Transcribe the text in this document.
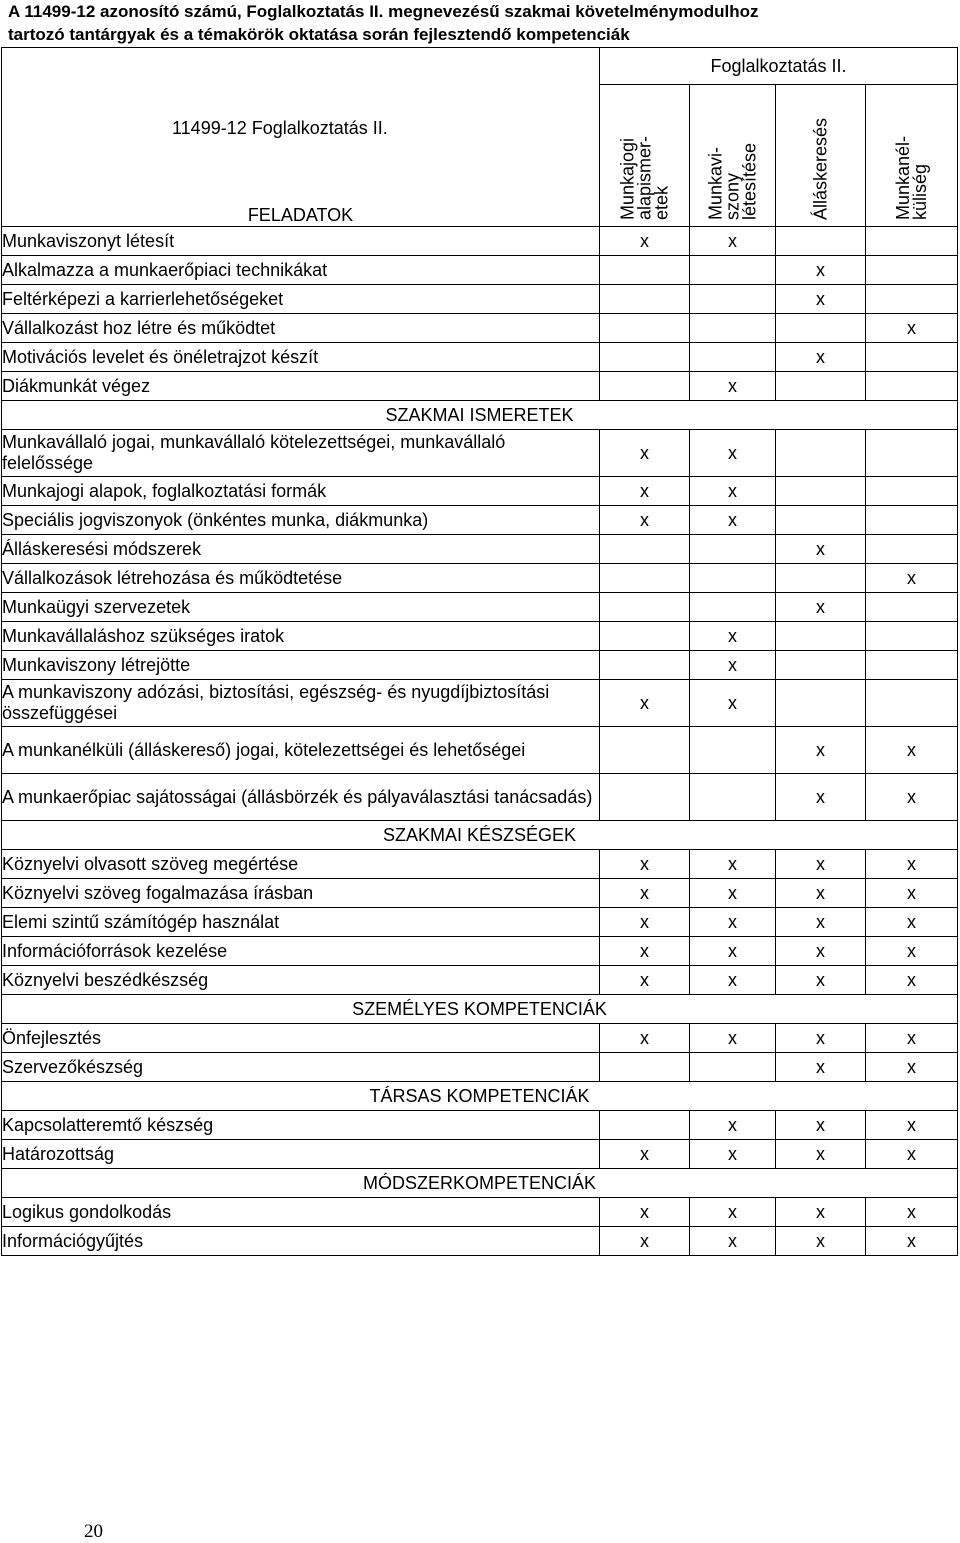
A 11499-12 azonosító számú, Foglalkoztatás II. megnevezésű szakmai követelménymodulhoz
tartozó tantárgyak és a témakörök oktatása során fejlesztendő kompetenciák
11499-12 Foglalkoztatás II.
FELADATOK	Foglalkoztatás II.			

	Munkajogi
alapismer-
etek	Munkavi-
szony
létesítése	Álláskeresés	Munkanél-
küliség

Munkaviszonyt létesít	x	x		
Alkalmazza a munkaerőpiaci technikákat			x	
Feltérképezi a karrierlehetőségeket			x	
Vállalkozást hoz létre és működtet				x
Motivációs levelet és önéletrajzot készít			x	
Diákmunkát végez		x		
SZAKMAI ISMERETEK				
Munkavállaló jogai, munkavállaló kötelezettségei, munkavállaló felelőssége	x	x		
Munkajogi alapok, foglalkoztatási formák	x	x		
Speciális jogviszonyok (önkéntes munka, diákmunka)	x	x		
Álláskeresési módszerek			x	
Vállalkozások létrehozása és működtetése				x
Munkaügyi szervezetek			x	
Munkavállaláshoz szükséges iratok		x		
Munkaviszony létrejötte		x		
A munkaviszony adózási, biztosítási, egészség- és nyugdíjbiztosítási összefüggései	x	x		
A munkanélküli (álláskereső) jogai, kötelezettségei és lehetőségei			x	x
A munkaerőpiac sajátosságai (állásbörzék és pályaválasztási tanácsadás)			x	x
SZAKMAI KÉSZSÉGEK				
Köznyelvi olvasott szöveg megértése	x	x	x	x
Köznyelvi szöveg fogalmazása írásban	x	x	x	x
Elemi szintű számítógép használat	x	x	x	x
Információforrások kezelése	x	x	x	x
Köznyelvi beszédkészség	x	x	x	x
SZEMÉLYES KOMPETENCIÁK				
Önfejlesztés	x	x	x	x
Szervezőkészség			x	x
TÁRSAS KOMPETENCIÁK				
Kapcsolatteremtő készség		x	x	x
Határozottság	x	x	x	x
MÓDSZERKOMPETENCIÁK				
Logikus gondolkodás	x	x	x	x
Információgyűjtés	x	x	x	x
20
